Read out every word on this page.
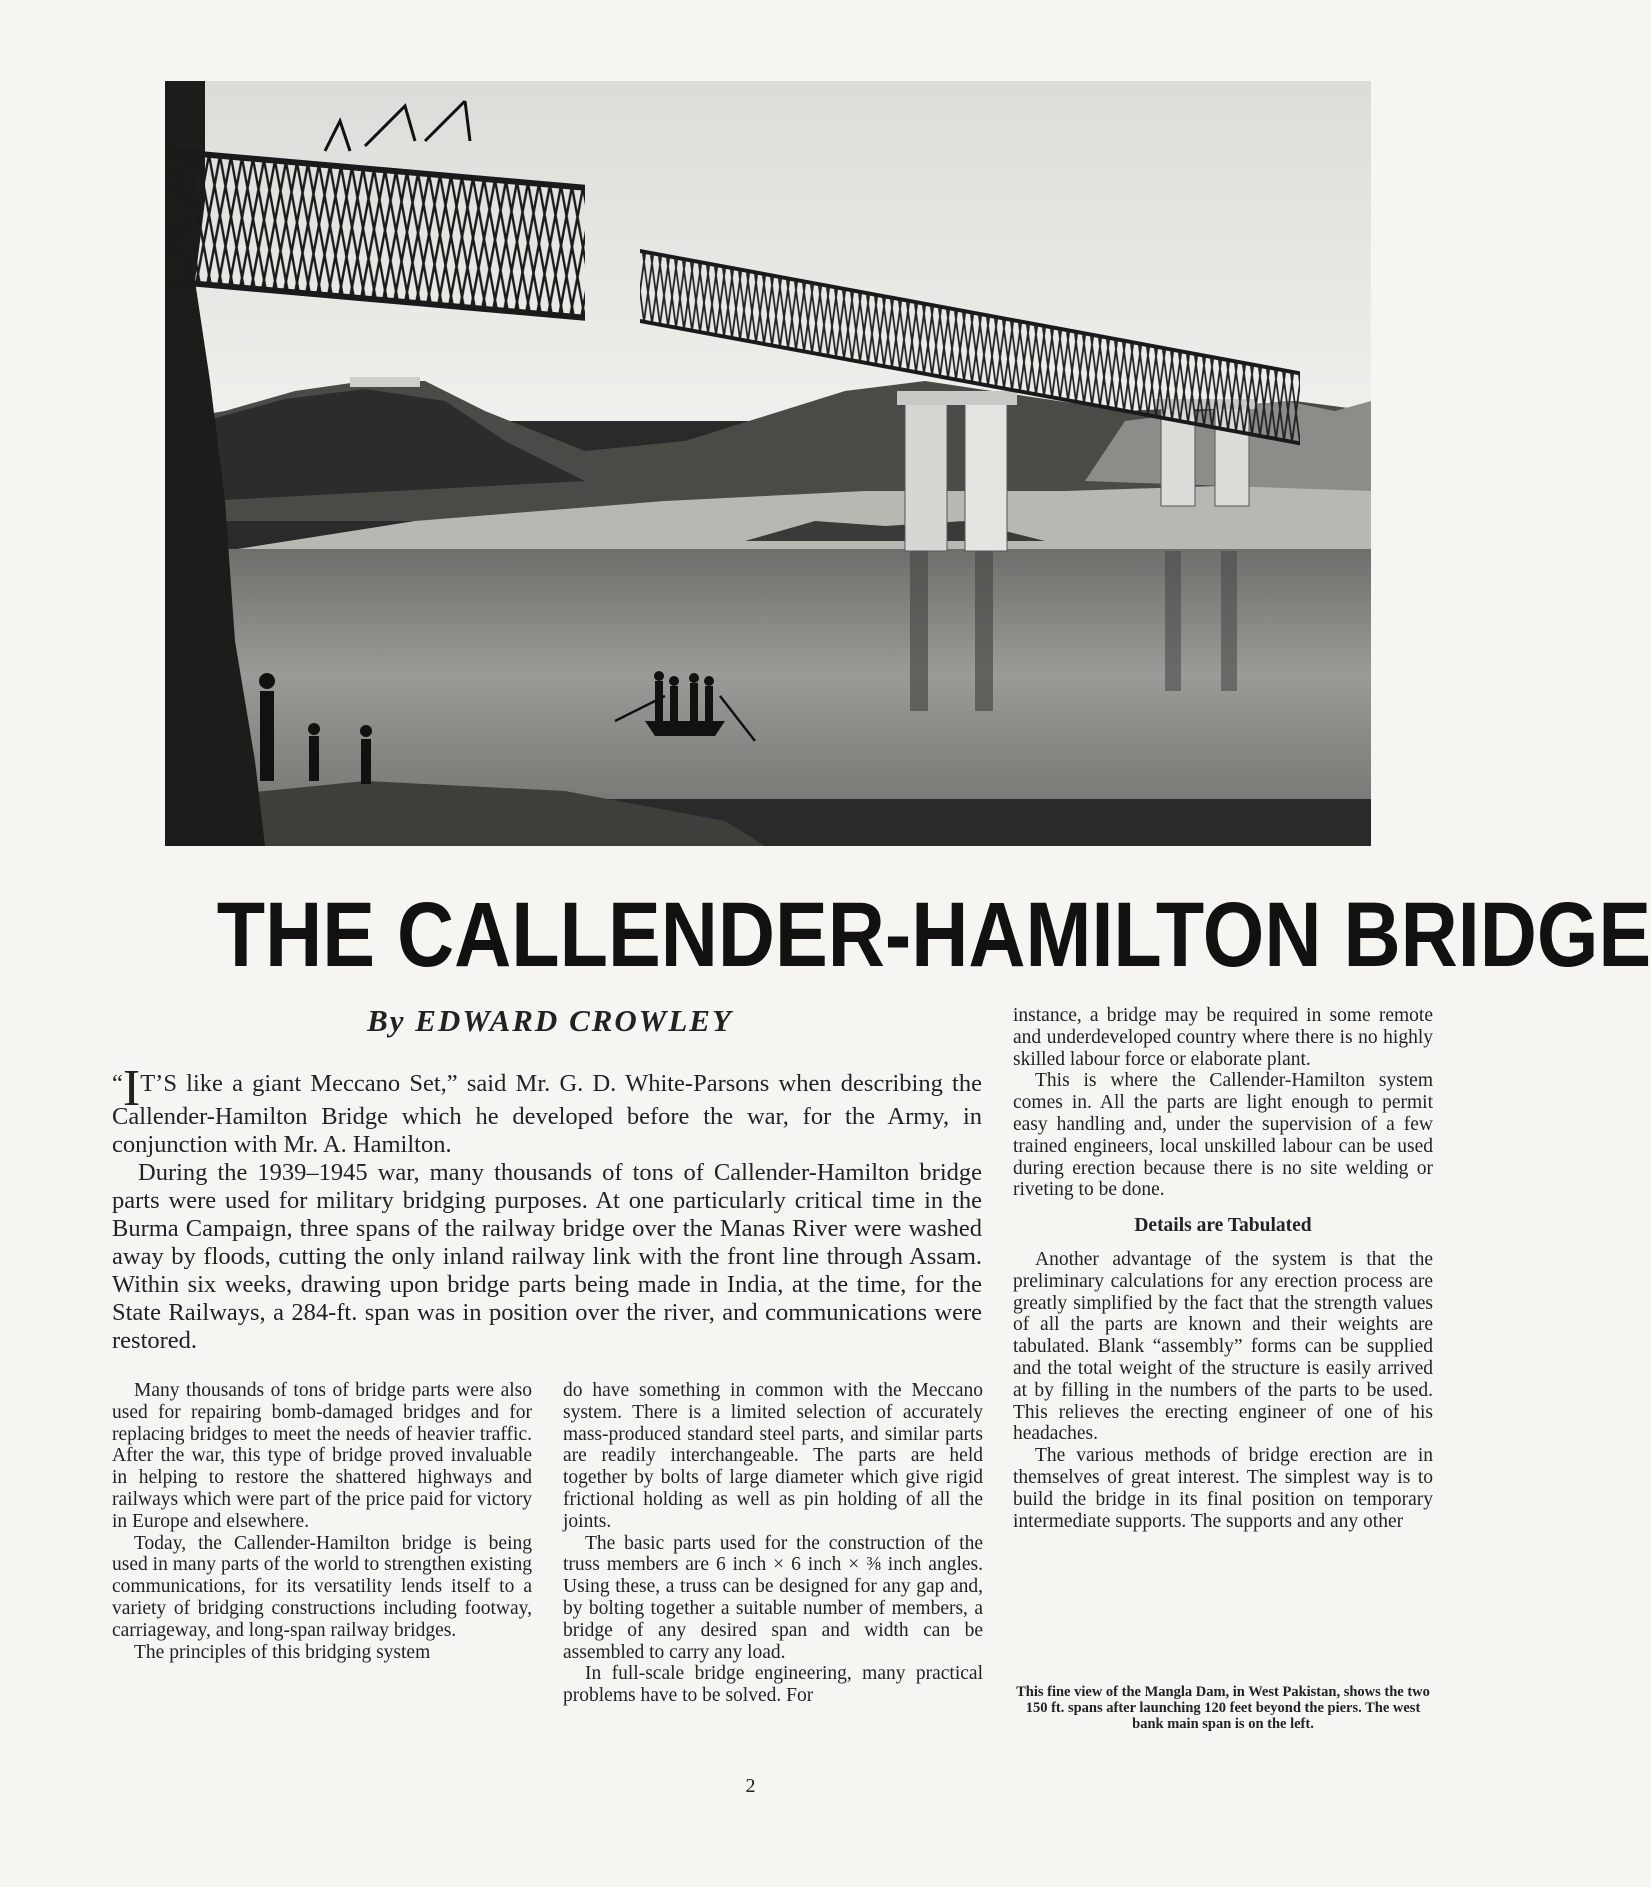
THE CALLENDER-HAMILTON BRIDGE
By EDWARD CROWLEY

“IT’S like a giant Meccano Set,” said Mr. G. D. White-Parsons when describing the Callender-Hamilton Bridge which he developed before the war, for the Army, in conjunction with Mr. A. Hamilton.

During the 1939–1945 war, many thousands of tons of Callender-Hamilton bridge parts were used for military bridging purposes. At one particularly critical time in the Burma Campaign, three spans of the railway bridge over the Manas River were washed away by floods, cutting the only inland railway link with the front line through Assam. Within six weeks, drawing upon bridge parts being made in India, at the time, for the State Railways, a 284-ft. span was in position over the river, and communications were restored.

Many thousands of tons of bridge parts were also used for repairing bomb-damaged bridges and for replacing bridges to meet the needs of heavier traffic. After the war, this type of bridge proved invaluable in helping to restore the shattered highways and railways which were part of the price paid for victory in Europe and elsewhere.

Today, the Callender-Hamilton bridge is being used in many parts of the world to strengthen existing communications, for its versatility lends itself to a variety of bridging constructions including footway, carriageway, and long-span railway bridges.

The principles of this bridging system

do have something in common with the Meccano system. There is a limited selection of accurately mass-produced standard steel parts, and similar parts are readily interchangeable. The parts are held together by bolts of large diameter which give rigid frictional holding as well as pin holding of all the joints.

The basic parts used for the construction of the truss members are 6 inch × 6 inch × ⅜ inch angles. Using these, a truss can be designed for any gap and, by bolting together a suitable number of members, a bridge of any desired span and width can be assembled to carry any load.

In full-scale bridge engineering, many practical problems have to be solved. For

instance, a bridge may be required in some remote and underdeveloped country where there is no highly skilled labour force or elaborate plant.

This is where the Callender-Hamilton system comes in. All the parts are light enough to permit easy handling and, under the supervision of a few trained engineers, local unskilled labour can be used during erection because there is no site welding or riveting to be done.

Details are Tabulated

Another advantage of the system is that the preliminary calculations for any erection process are greatly simplified by the fact that the strength values of all the parts are known and their weights are tabulated. Blank “assembly” forms can be supplied and the total weight of the structure is easily arrived at by filling in the numbers of the parts to be used. This relieves the erecting engineer of one of his headaches.

The various methods of bridge erection are in themselves of great interest. The simplest way is to build the bridge in its final position on temporary intermediate supports. The supports and any other

This fine view of the Mangla Dam, in West Pakistan, shows the two 150 ft. spans after launching 120 feet beyond the piers. The west bank main span is on the left.
2
